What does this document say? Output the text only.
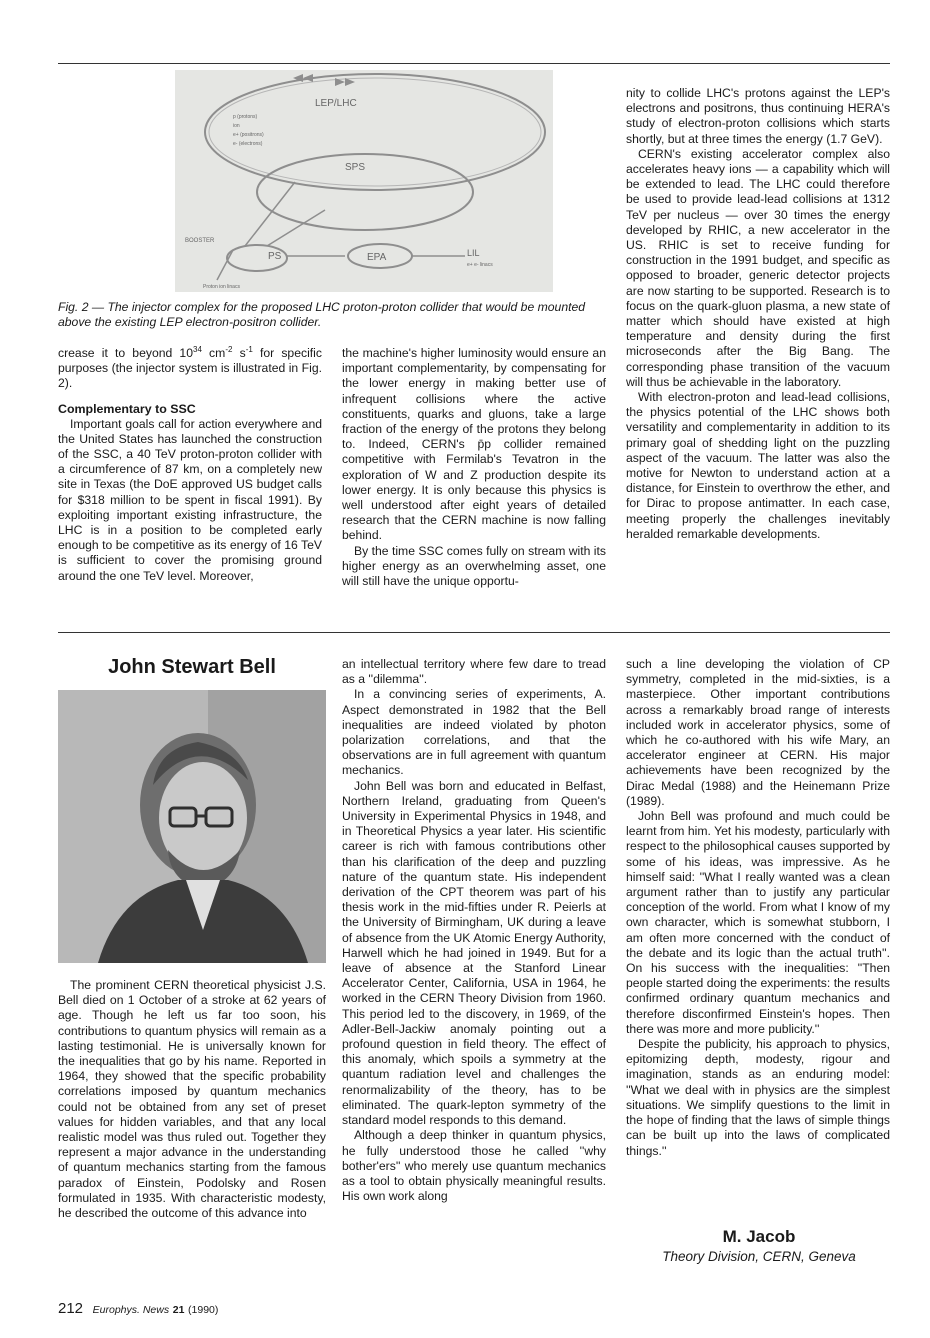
LEP/LHC
SPS
PS	EPA	LIL
e+ e- linacs
BOOSTER
Proton ion linacs
p (protons)
ion
e+ (positrons)
e- (electrons)
Fig. 2 — The injector complex for the proposed LHC proton-proton collider that would be mounted above the existing LEP electron-positron collider.

crease it to beyond $10^{34}$ $cm^{-2}$ $s^{-1}$ for specific purposes (the injector system is illustrated in Fig. 2).

Complementary to SSC

Important goals call for action everywhere and the United States has launched the construction of the SSC, a 40 TeV proton-proton collider with a circumference of 87 km, on a completely new site in Texas (the DoE approved US budget calls for $318 million to be spent in fiscal 1991). By exploiting important existing infrastructure, the LHC is in a position to be completed early enough to be competitive as its energy of 16 TeV is sufficient to cover the promising ground around the one TeV level. Moreover,

the machine's higher luminosity would ensure an important complementarity, by compensating for the lower energy in making better use of infrequent collisions where the active constituents, quarks and gluons, take a large fraction of the energy of the protons they belong to. Indeed, CERN's p̄p collider remained competitive with Fermilab's Tevatron in the exploration of W and Z production despite its lower energy. It is only because this physics is well understood after eight years of detailed research that the CERN machine is now falling behind.

By the time SSC comes fully on stream with its higher energy as an overwhelming asset, one will still have the unique opportu-

nity to collide LHC's protons against the LEP's electrons and positrons, thus continuing HERA's study of electron-proton collisions which starts shortly, but at three times the energy (1.7 GeV).

CERN's existing accelerator complex also accelerates heavy ions — a capability which will be extended to lead. The LHC could therefore be used to provide lead-lead collisions at 1312 TeV per nucleus — over 30 times the energy developed by RHIC, a new accelerator in the US. RHIC is set to receive funding for construction in the 1991 budget, and specific as opposed to broader, generic detector projects are now starting to be supported. Research is to focus on the quark-gluon plasma, a new state of matter which should have existed at high temperature and density during the first microseconds after the Big Bang. The corresponding phase transition of the vacuum will thus be achievable in the laboratory.

With electron-proton and lead-lead collisions, the physics potential of the LHC shows both versatility and complementarity in addition to its primary goal of shedding light on the puzzling aspect of the vacuum. The latter was also the motive for Newton to understand action at a distance, for Einstein to overthrow the ether, and for Dirac to propose antimatter. In each case, meeting properly the challenges inevitably heralded remarkable developments.

John Stewart Bell

The prominent CERN theoretical physicist J.S. Bell died on 1 October of a stroke at 62 years of age. Though he left us far too soon, his contributions to quantum physics will remain as a lasting testimonial. He is universally known for the inequalities that go by his name. Reported in 1964, they showed that the specific probability correlations imposed by quantum mechanics could not be obtained from any set of preset values for hidden variables, and that any local realistic model was thus ruled out. Together they represent a major advance in the understanding of quantum mechanics starting from the famous paradox of Einstein, Podolsky and Rosen formulated in 1935. With characteristic modesty, he described the outcome of this advance into

an intellectual territory where few dare to tread as a ''dilemma''.

In a convincing series of experiments, A. Aspect demonstrated in 1982 that the Bell inequalities are indeed violated by photon polarization correlations, and that the observations are in full agreement with quantum mechanics.

John Bell was born and educated in Belfast, Northern Ireland, graduating from Queen's University in Experimental Physics in 1948, and in Theoretical Physics a year later. His scientific career is rich with famous contributions other than his clarification of the deep and puzzling nature of the quantum state. His independent derivation of the CPT theorem was part of his thesis work in the mid-fifties under R. Peierls at the University of Birmingham, UK during a leave of absence from the UK Atomic Energy Authority, Harwell which he had joined in 1949. But for a leave of absence at the Stanford Linear Accelerator Center, California, USA in 1964, he worked in the CERN Theory Division from 1960. This period led to the discovery, in 1969, of the Adler-Bell-Jackiw anomaly pointing out a profound question in field theory. The effect of this anomaly, which spoils a symmetry at the quantum radiation level and challenges the renormalizability of the theory, has to be eliminated. The quark-lepton symmetry of the standard model responds to this demand.

Although a deep thinker in quantum physics, he fully understood those he called ''why bother'ers'' who merely use quantum mechanics as a tool to obtain physically meaningful results. His own work along

such a line developing the violation of CP symmetry, completed in the mid-sixties, is a masterpiece. Other important contributions across a remarkably broad range of interests included work in accelerator physics, some of which he co-authored with his wife Mary, an accelerator engineer at CERN. His major achievements have been recognized by the Dirac Medal (1988) and the Heinemann Prize (1989).

John Bell was profound and much could be learnt from him. Yet his modesty, particularly with respect to the philosophical causes supported by some of his ideas, was impressive. As he himself said: ''What I really wanted was a clean argument rather than to justify any particular conception of the world. From what I know of my own character, which is somewhat stubborn, I am often more concerned with the conduct of the debate and its logic than the actual truth''. On his success with the inequalities: ''Then people started doing the experiments: the results confirmed ordinary quantum mechanics and therefore disconfirmed Einstein's hopes. Then there was more and more publicity.''

Despite the publicity, his approach to physics, epitomizing depth, modesty, rigour and imagination, stands as an enduring model: ''What we deal with in physics are the simplest situations. We simplify questions to the limit in the hope of finding that the laws of simple things can be built up into the laws of complicated things.''

M. Jacob
Theory Division, CERN, Geneva
212 Europhys. News 21 (1990)
